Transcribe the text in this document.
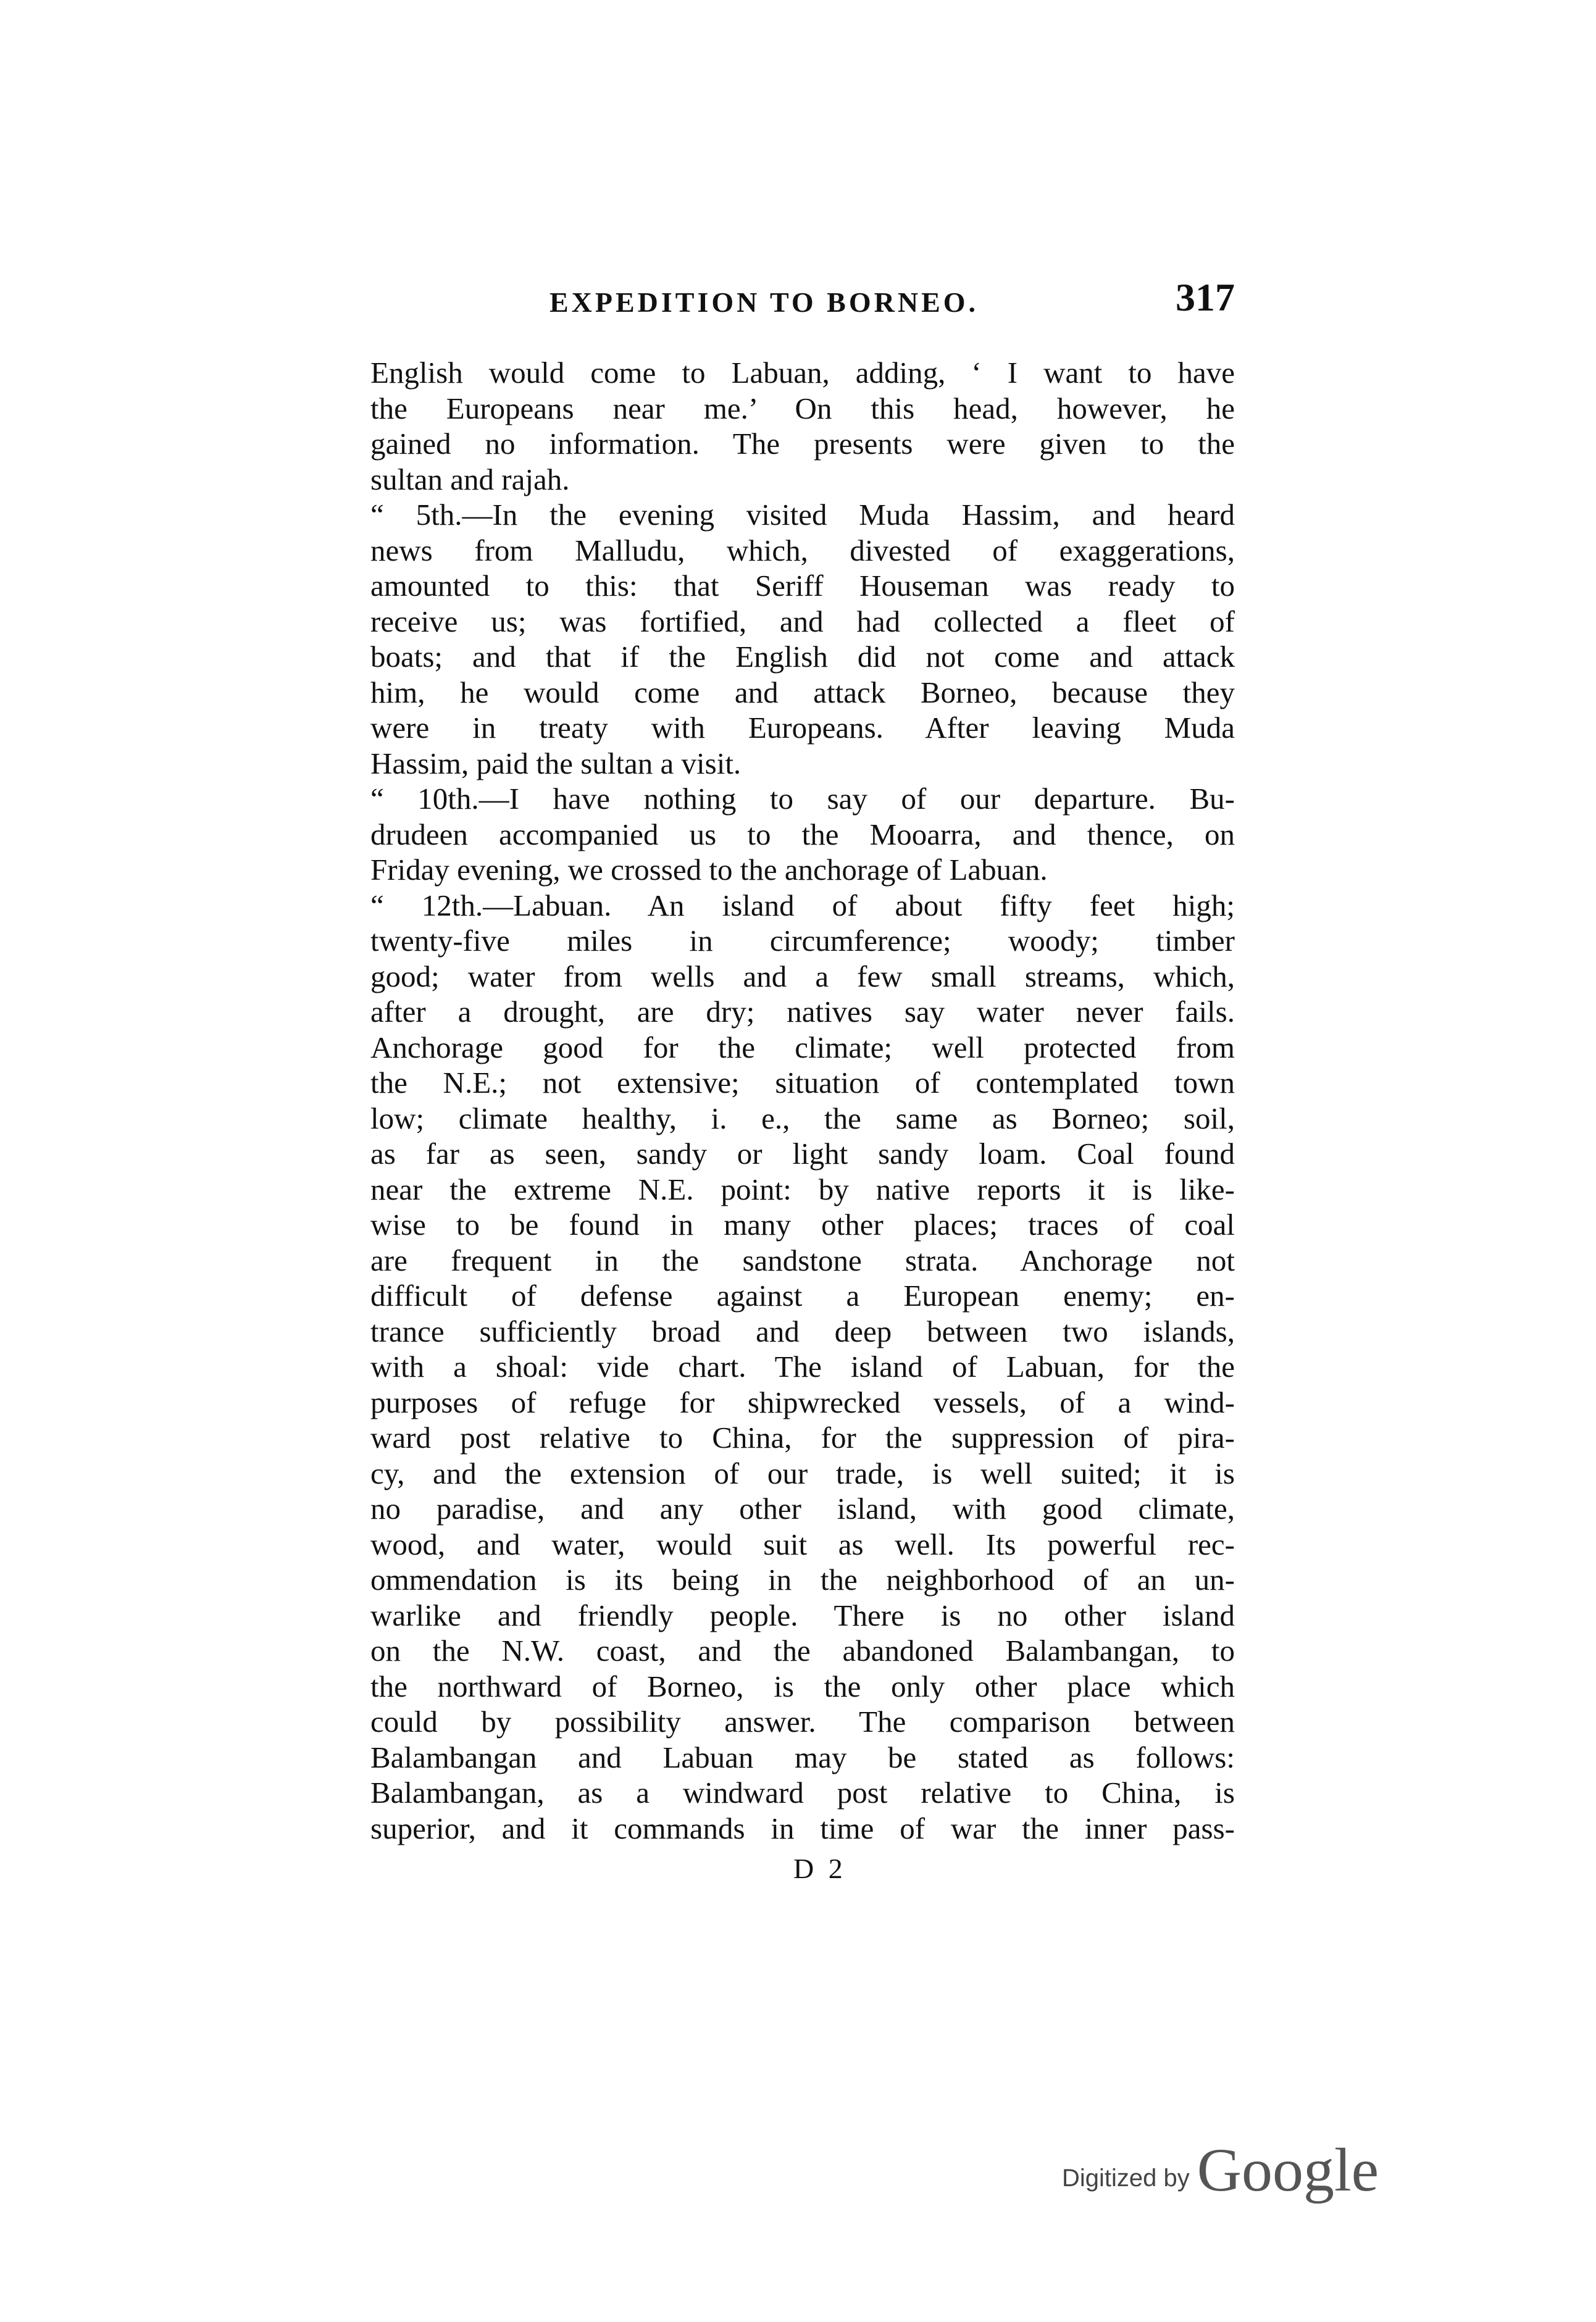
EXPEDITION TO BORNEO.	317
English would come to Labuan, adding, ‘ I want to have
the Europeans near me.’ On this head, however, he
gained no information. The presents were given to the
sultan and rajah.
“ 5th.—In the evening visited Muda Hassim, and heard
news from Malludu, which, divested of exaggerations,
amounted to this: that Seriff Houseman was ready to
receive us; was fortified, and had collected a fleet of
boats; and that if the English did not come and attack
him, he would come and attack Borneo, because they
were in treaty with Europeans. After leaving Muda
Hassim, paid the sultan a visit.
“ 10th.—I have nothing to say of our departure. Bu-
drudeen accompanied us to the Mooarra, and thence, on
Friday evening, we crossed to the anchorage of Labuan.
“ 12th.—Labuan. An island of about fifty feet high;
twenty-five miles in circumference; woody; timber
good; water from wells and a few small streams, which,
after a drought, are dry; natives say water never fails.
Anchorage good for the climate; well protected from
the N.E.; not extensive; situation of contemplated town
low; climate healthy, i. e., the same as Borneo; soil,
as far as seen, sandy or light sandy loam. Coal found
near the extreme N.E. point: by native reports it is like-
wise to be found in many other places; traces of coal
are frequent in the sandstone strata. Anchorage not
difficult of defense against a European enemy; en-
trance sufficiently broad and deep between two islands,
with a shoal: vide chart. The island of Labuan, for the
purposes of refuge for shipwrecked vessels, of a wind-
ward post relative to China, for the suppression of pira-
cy, and the extension of our trade, is well suited; it is
no paradise, and any other island, with good climate,
wood, and water, would suit as well. Its powerful rec-
ommendation is its being in the neighborhood of an un-
warlike and friendly people. There is no other island
on the N.W. coast, and the abandoned Balambangan, to
the northward of Borneo, is the only other place which
could by possibility answer. The comparison between
Balambangan and Labuan may be stated as follows:
Balambangan, as a windward post relative to China, is
superior, and it commands in time of war the inner pass-
D 2
Digitized by Google
